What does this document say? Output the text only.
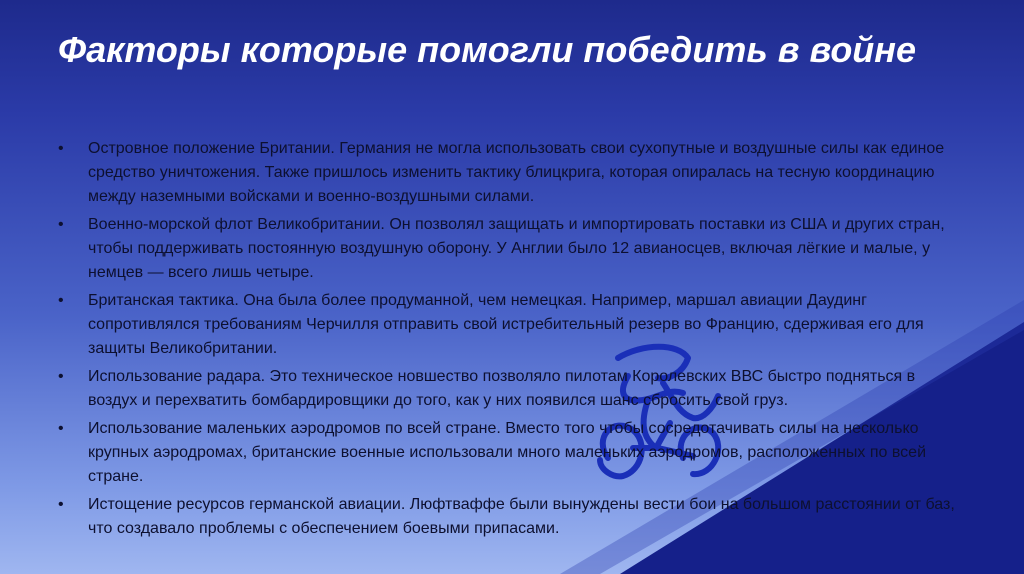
Факторы которые помогли победить в войне
•	Островное положение Британии. Германия не могла использовать свои сухопутные и воздушные силы как единое средство уничтожения. Также пришлось изменить тактику блицкрига, которая опиралась на тесную координацию между наземными войсками и военно-воздушными силами.
•	Военно-морской флот Великобритании. Он позволял защищать и импортировать поставки из США и других стран, чтобы поддерживать постоянную воздушную оборону. У Англии было 12 авианосцев, включая лёгкие и малые, у немцев — всего лишь четыре.
•	Британская тактика. Она была более продуманной, чем немецкая. Например, маршал авиации Даудинг сопротивлялся требованиям Черчилля отправить свой истребительный резерв во Францию, сдерживая его для защиты Великобритании.
•	Использование радара. Это техническое новшество позволяло пилотам Королевских ВВС быстро подняться в воздух и перехватить бомбардировщики до того, как у них появился шанс сбросить свой груз.
•	Использование маленьких аэродромов по всей стране. Вместо того чтобы сосредотачивать силы на несколько крупных аэродромах, британские военные использовали много маленьких аэродромов, расположенных по всей стране.
•	Истощение ресурсов германской авиации. Люфтваффе были вынуждены вести бои на большом расстоянии от баз, что создавало проблемы с обеспечением боевыми припасами.
